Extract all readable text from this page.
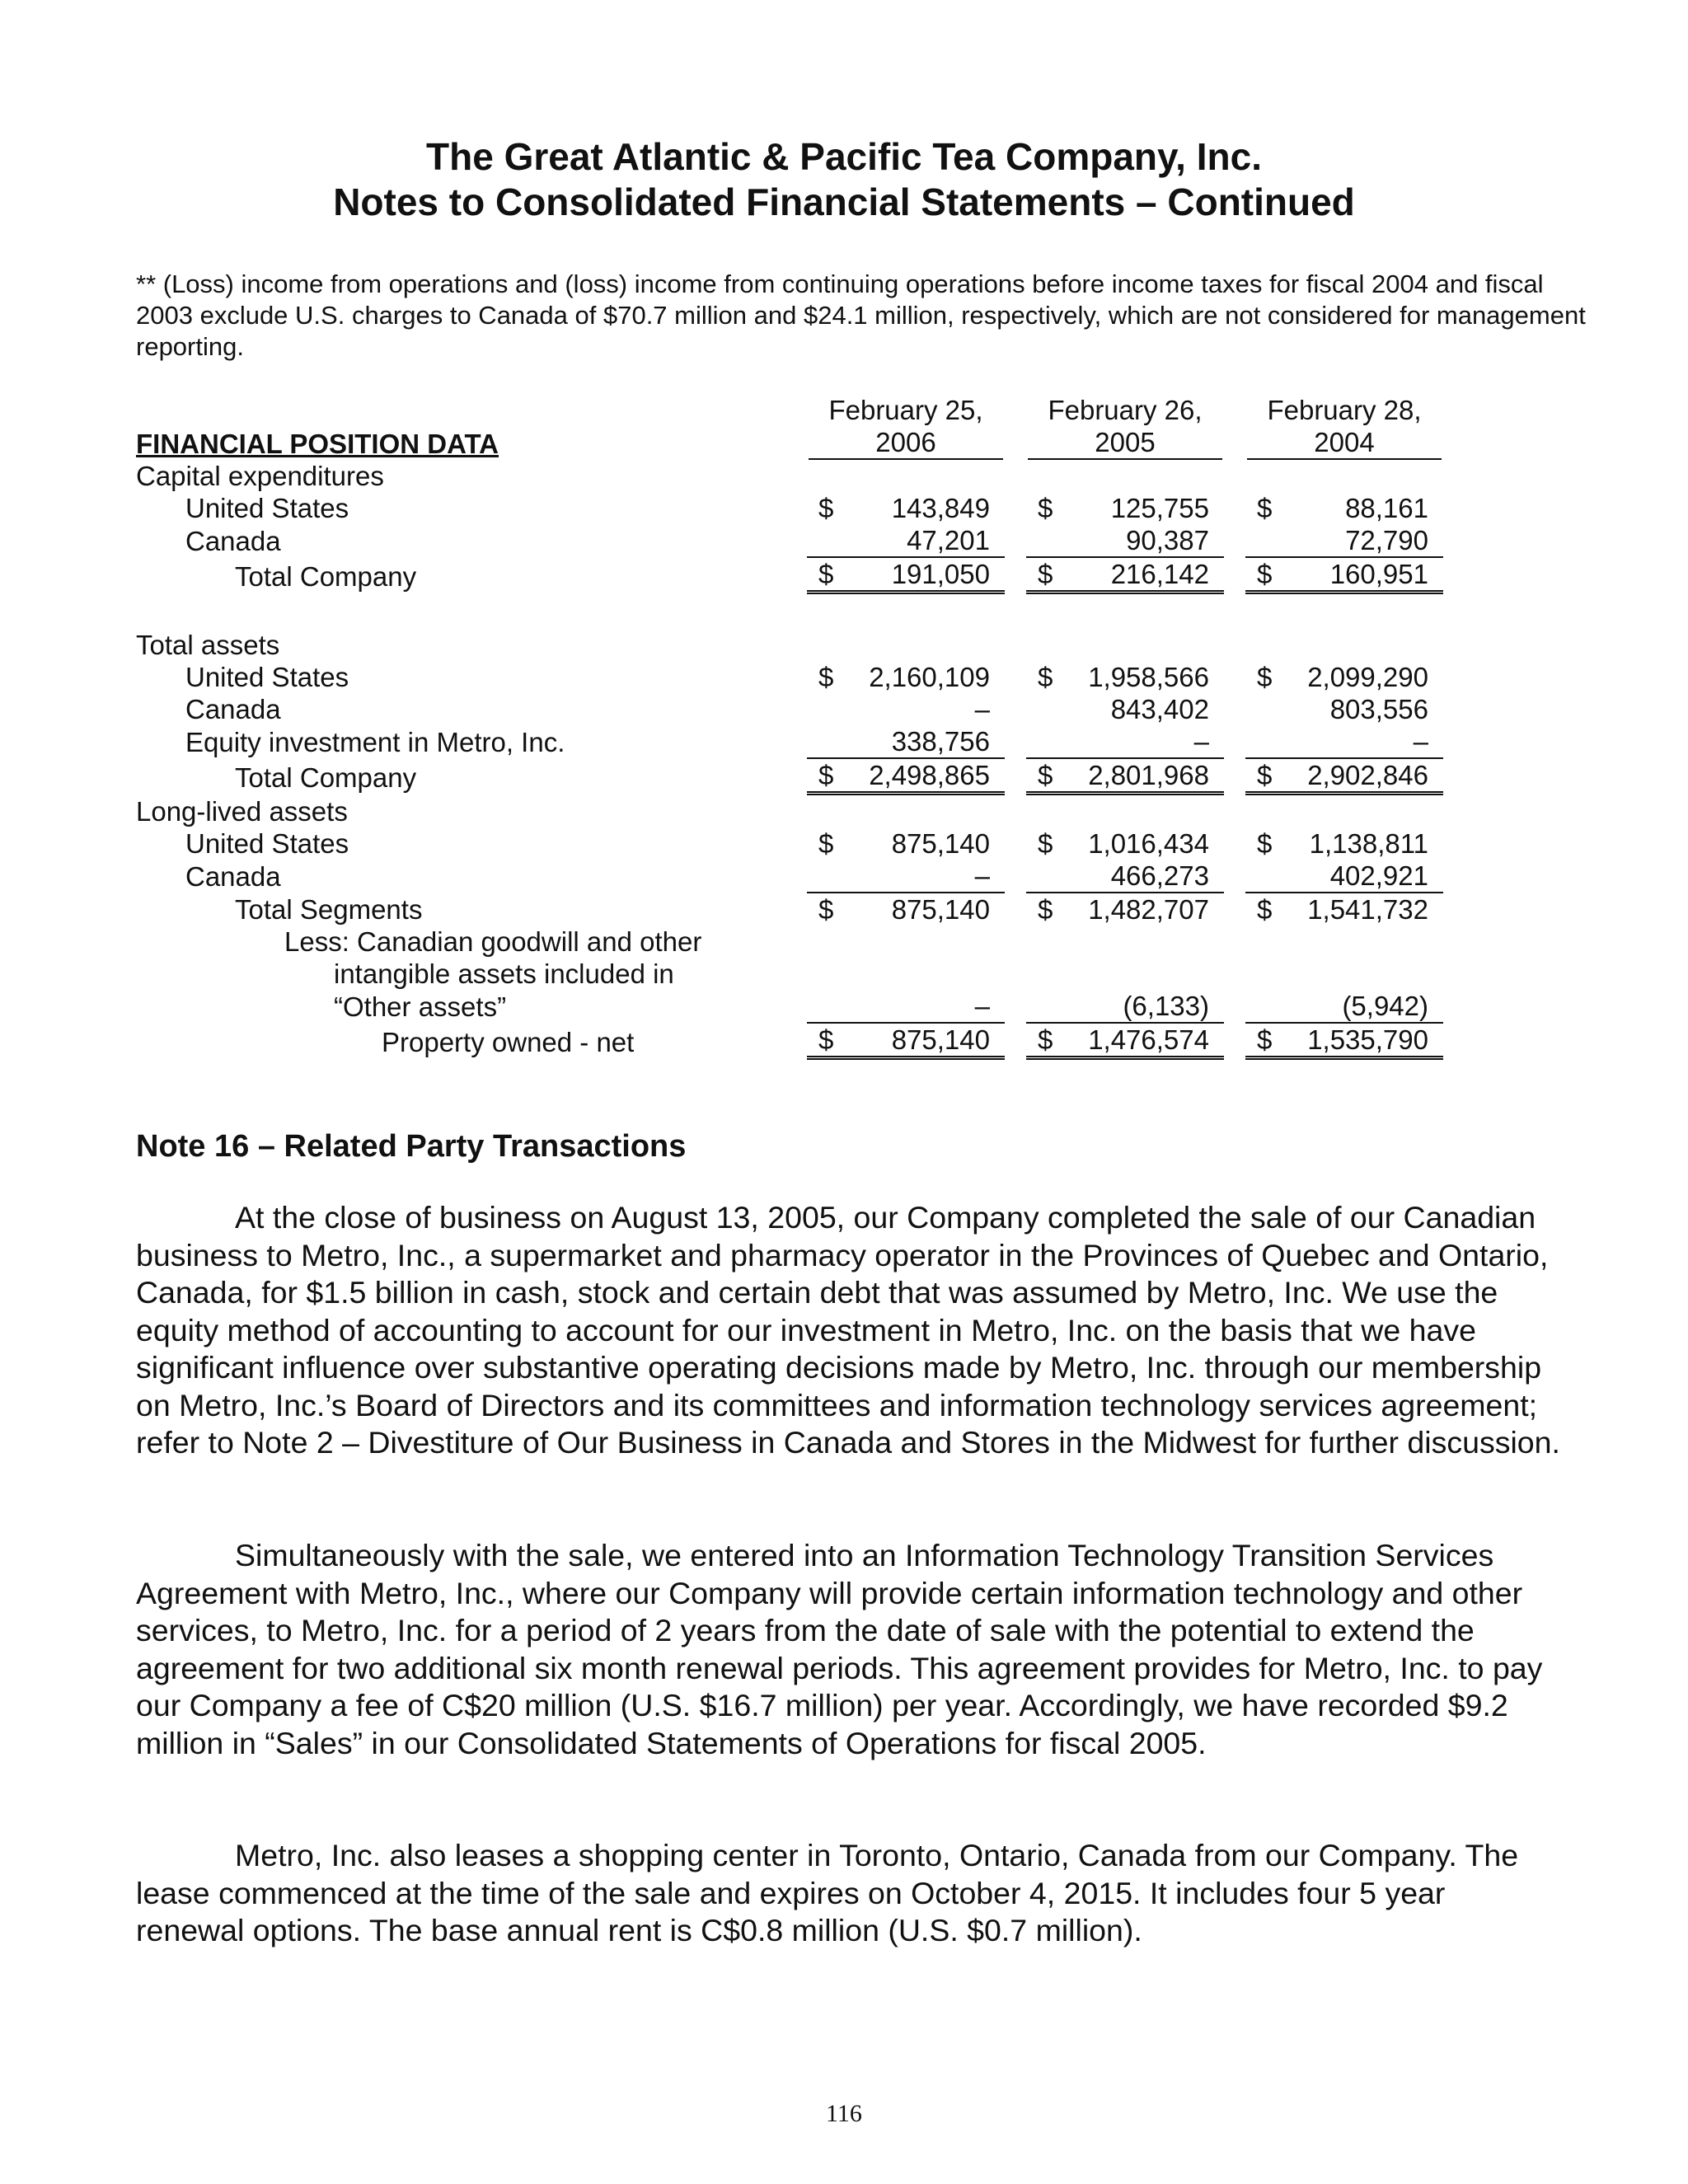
The Great Atlantic & Pacific Tea Company, Inc.
Notes to Consolidated Financial Statements – Continued

** (Loss) income from operations and (loss) income from continuing operations before income taxes for fiscal 2004 and fiscal 2003 exclude U.S. charges to Canada of $70.7 million and $24.1 million, respectively, which are not considered for management reporting.

		February 25,		February 26,		February 28,
FINANCIAL POSITION DATA		2006		2005		2004
Capital expenditures						
United States		$ 143,849		$ 125,755		$ 88,161
Canada		47,201		90,387		72,790
Total Company		$ 191,050		$ 216,142		$ 160,951

Total assets						
United States		$ 2,160,109		$ 1,958,566		$ 2,099,290
Canada		–		843,402		803,556
Equity investment in Metro, Inc.		338,756		–		–
Total Company		$ 2,498,865		$ 2,801,968		$ 2,902,846
Long-lived assets						
United States		$ 875,140		$ 1,016,434		$ 1,138,811
Canada		–		466,273		402,921
Total Segments		$ 875,140		$ 1,482,707		$ 1,541,732
Less: Canadian goodwill and other						
intangible assets included in						
“Other assets”		–		(6,133)		(5,942)
Property owned - net		$ 875,140		$ 1,476,574		$ 1,535,790
Note 16 – Related Party Transactions

At the close of business on August 13, 2005, our Company completed the sale of our Canadian business to Metro, Inc., a supermarket and pharmacy operator in the Provinces of Quebec and Ontario, Canada, for $1.5 billion in cash, stock and certain debt that was assumed by Metro, Inc. We use the equity method of accounting to account for our investment in Metro, Inc. on the basis that we have significant influence over substantive operating decisions made by Metro, Inc. through our membership on Metro, Inc.’s Board of Directors and its committees and information technology services agreement; refer to Note 2 – Divestiture of Our Business in Canada and Stores in the Midwest for further discussion.

Simultaneously with the sale, we entered into an Information Technology Transition Services Agreement with Metro, Inc., where our Company will provide certain information technology and other services, to Metro, Inc. for a period of 2 years from the date of sale with the potential to extend the agreement for two additional six month renewal periods. This agreement provides for Metro, Inc. to pay our Company a fee of C$20 million (U.S. $16.7 million) per year. Accordingly, we have recorded $9.2 million in “Sales” in our Consolidated Statements of Operations for fiscal 2005.

Metro, Inc. also leases a shopping center in Toronto, Ontario, Canada from our Company. The lease commenced at the time of the sale and expires on October 4, 2015. It includes four 5 year renewal options. The base annual rent is C$0.8 million (U.S. $0.7 million).

116
